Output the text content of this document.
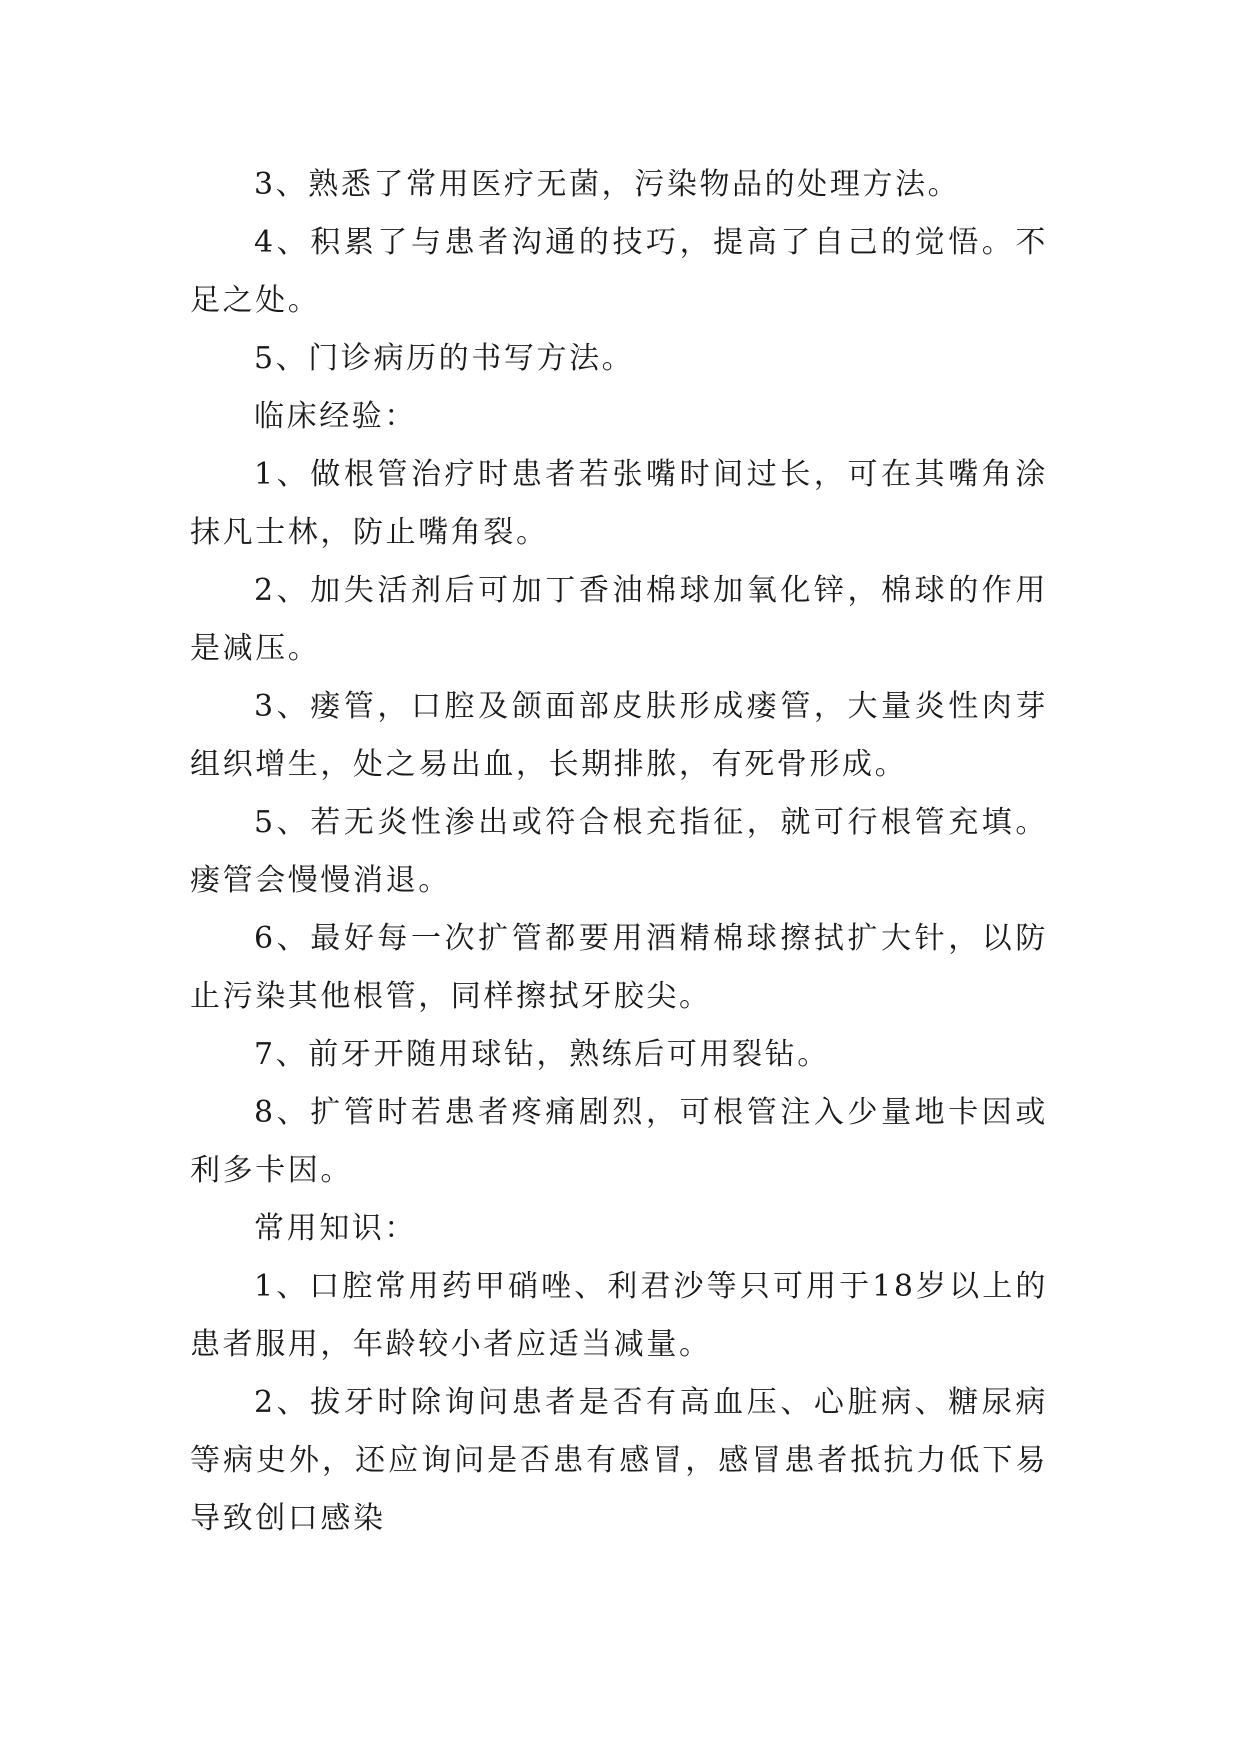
3、熟悉了常用医疗无菌，污染物品的处理方法。

4、积累了与患者沟通的技巧，提高了自己的觉悟。不足之处。

5、门诊病历的书写方法。

临床经验：

1、做根管治疗时患者若张嘴时间过长，可在其嘴角涂抹凡士林，防止嘴角裂。

2、加失活剂后可加丁香油棉球加氧化锌，棉球的作用是减压。

3、瘘管，口腔及颌面部皮肤形成瘘管，大量炎性肉芽组织增生，处之易出血，长期排脓，有死骨形成。

5、若无炎性渗出或符合根充指征，就可行根管充填。瘘管会慢慢消退。

6、最好每一次扩管都要用酒精棉球擦拭扩大针，以防止污染其他根管，同样擦拭牙胶尖。

7、前牙开随用球钻，熟练后可用裂钻。

8、扩管时若患者疼痛剧烈，可根管注入少量地卡因或利多卡因。

常用知识：

1、口腔常用药甲硝唑、利君沙等只可用于18岁以上的患者服用，年龄较小者应适当减量。

2、拔牙时除询问患者是否有高血压、心脏病、糖尿病等病史外，还应询问是否患有感冒，感冒患者抵抗力低下易导致创口感染
